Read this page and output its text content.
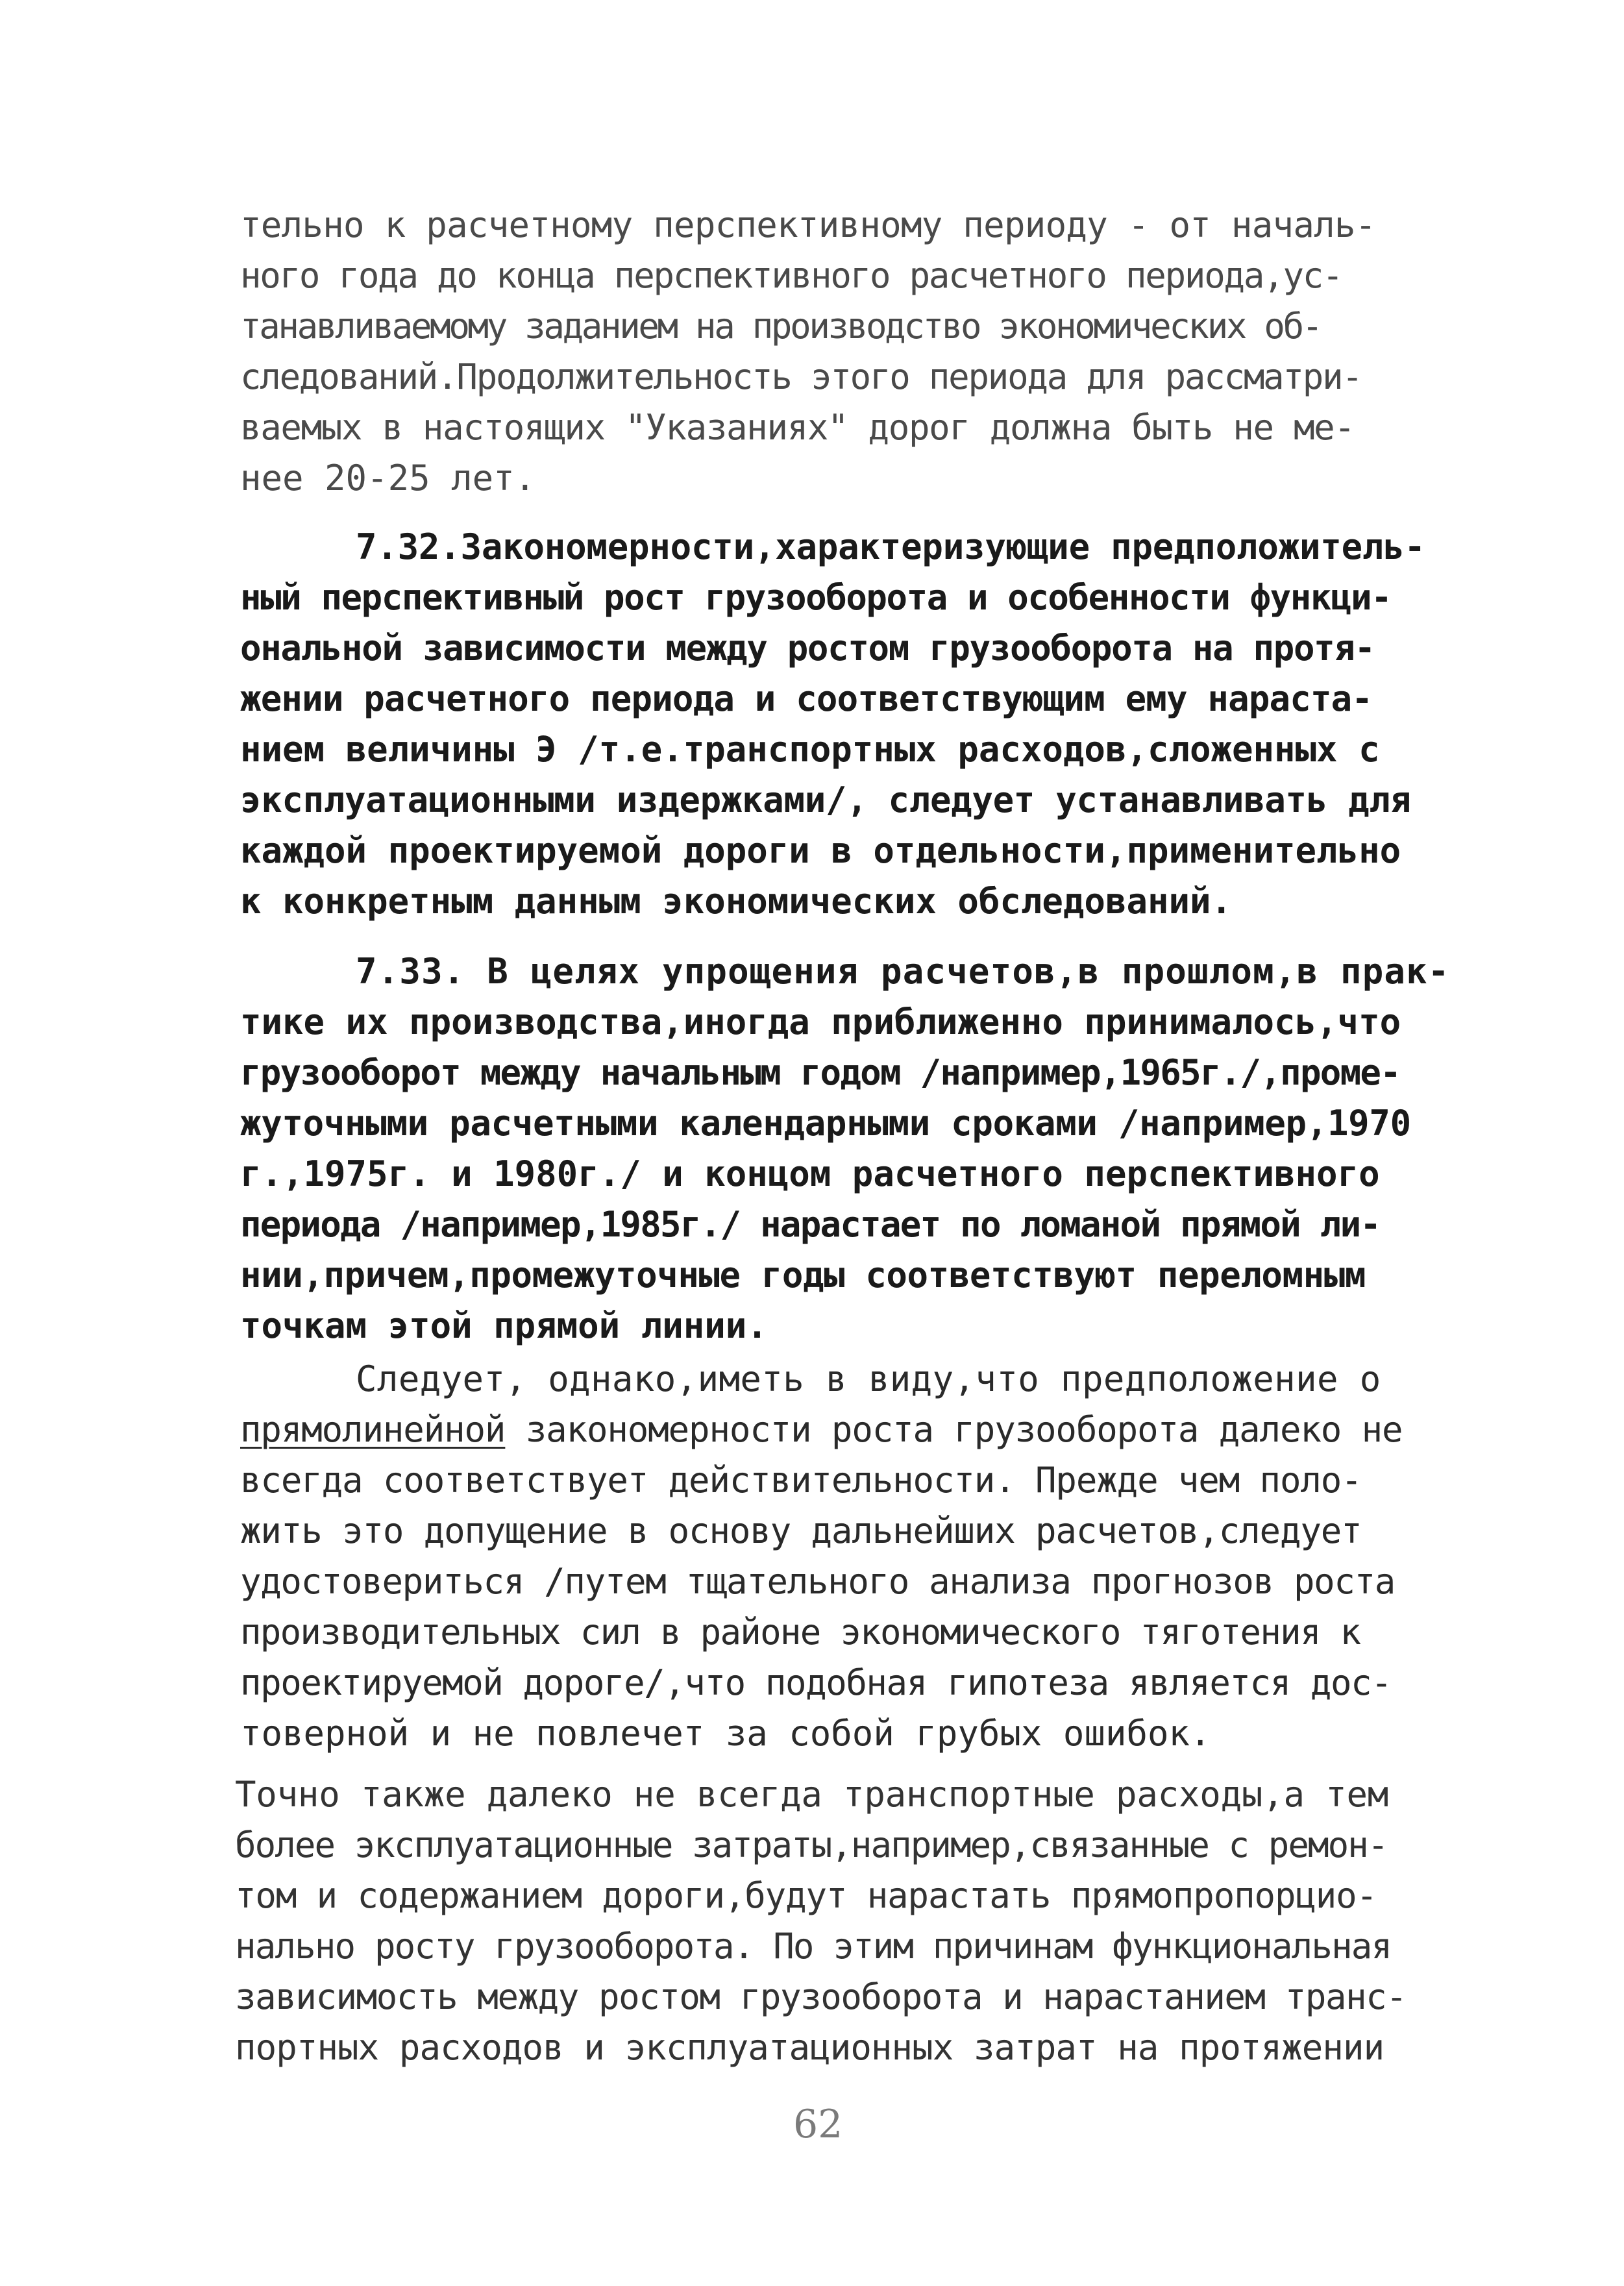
тельно к расчетному перспективному периоду - от началь-
ного года до конца перспективного расчетного периода,ус-
танавливаемому заданием на производство экономических об-
следований.Продолжительность этого периода для рассматри-
ваемых в настоящих "Указаниях" дорог должна быть не ме-
нее 20-25 лет.
7.32.Закономерности,характеризующие предположитель-
ный перспективный рост грузооборота и особенности функци-
ональной зависимости между ростом грузооборота на протя-
жении расчетного периода и соответствующим ему нараста-
нием величины Э /т.е.транспортных расходов,сложенных с
эксплуатационными издержками/, следует устанавливать для
каждой проектируемой дороги в отдельности,применительно
к конкретным данным экономических обследований.
7.33. В целях упрощения расчетов,в прошлом,в прак-
тике их производства,иногда приближенно принималось,что
грузооборот между начальным годом /например,1965г./,проме-
жуточными расчетными календарными сроками /например,1970
г.,1975г. и 1980г./ и концом расчетного перспективного
периода /например,1985г./ нарастает по ломаной прямой ли-
нии,причем,промежуточные годы соответствуют переломным
точкам этой прямой линии.
Следует, однако,иметь в виду,что предположение о
прямолинейной закономерности роста грузооборота далеко не
всегда соответствует действительности. Прежде чем поло-
жить это допущение в основу дальнейших расчетов,следует
удостовериться /путем тщательного анализа прогнозов роста
производительных сил в районе экономического тяготения к
проектируемой дороге/,что подобная гипотеза является дос-
товерной и не повлечет за собой грубых ошибок.
Точно также далеко не всегда транспортные расходы,а тем
более эксплуатационные затраты,например,связанные с ремон-
том и содержанием дороги,будут нарастать прямопропорцио-
нально росту грузооборота. По этим причинам функциональная
зависимость между ростом грузооборота и нарастанием транс-
портных расходов и эксплуатационных затрат на протяжении
62
